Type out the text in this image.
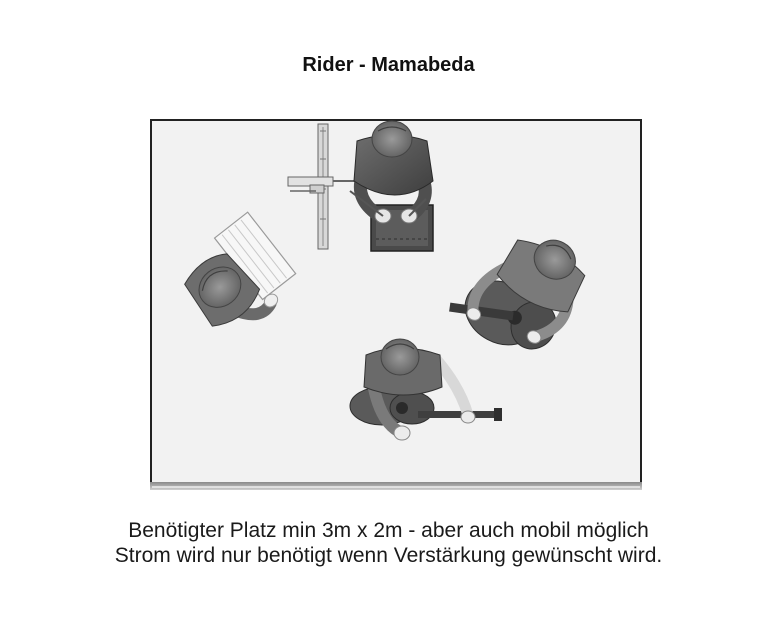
Rider - Mamabeda
Benötigter Platz min 3m x 2m - aber auch mobil möglich
Strom wird nur benötigt wenn Verstärkung gewünscht wird.
